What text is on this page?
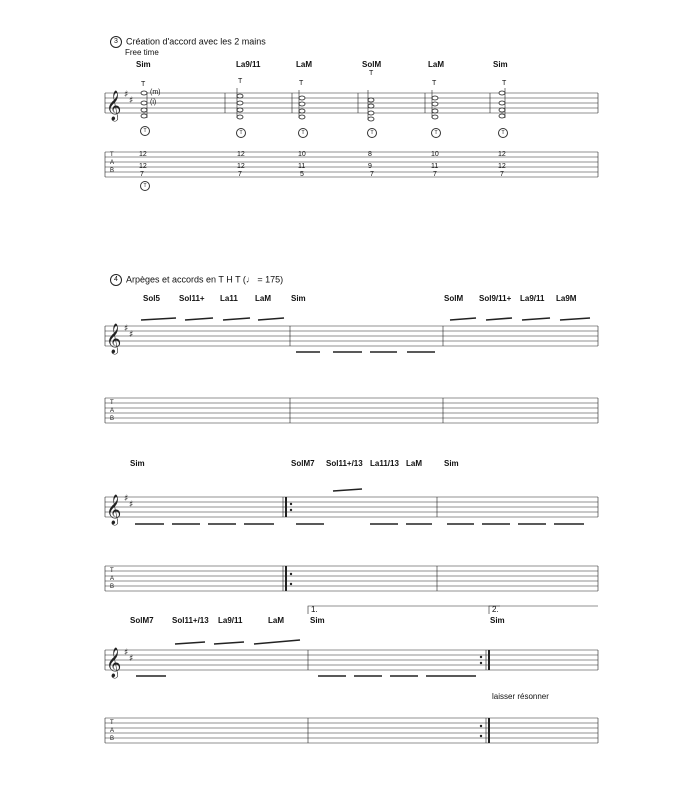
3 Création d'accord avec les 2 mains
Free time
Sim	La9/11	LaM	SolM	LaM	Sim
𝄞
𝄞
𝄞
𝄞
♯
♯
♯
♯
♯
♯
♯
♯
T
A
B
12	12	10	8	10	12
12	12	11	9	11	12
7	7	5	7	7	7
T
(m)
(i)
T	T
T
T	T
T	T	T	T	T	T
T
4 Arpèges et accords en T H T (♩ = 175)
Sol5 Sol11+ La11 LaM	Sim	SolM Sol9/11+ La9/11 La9M
Sim	SolM7 Sol11+/13 La11/13 LaM	Sim
SolM7 Sol11+/13 La9/11	LaM	Sim	Sim
1.	2.
laisser résonner
T
A
B
T
A
B
T
A
B
